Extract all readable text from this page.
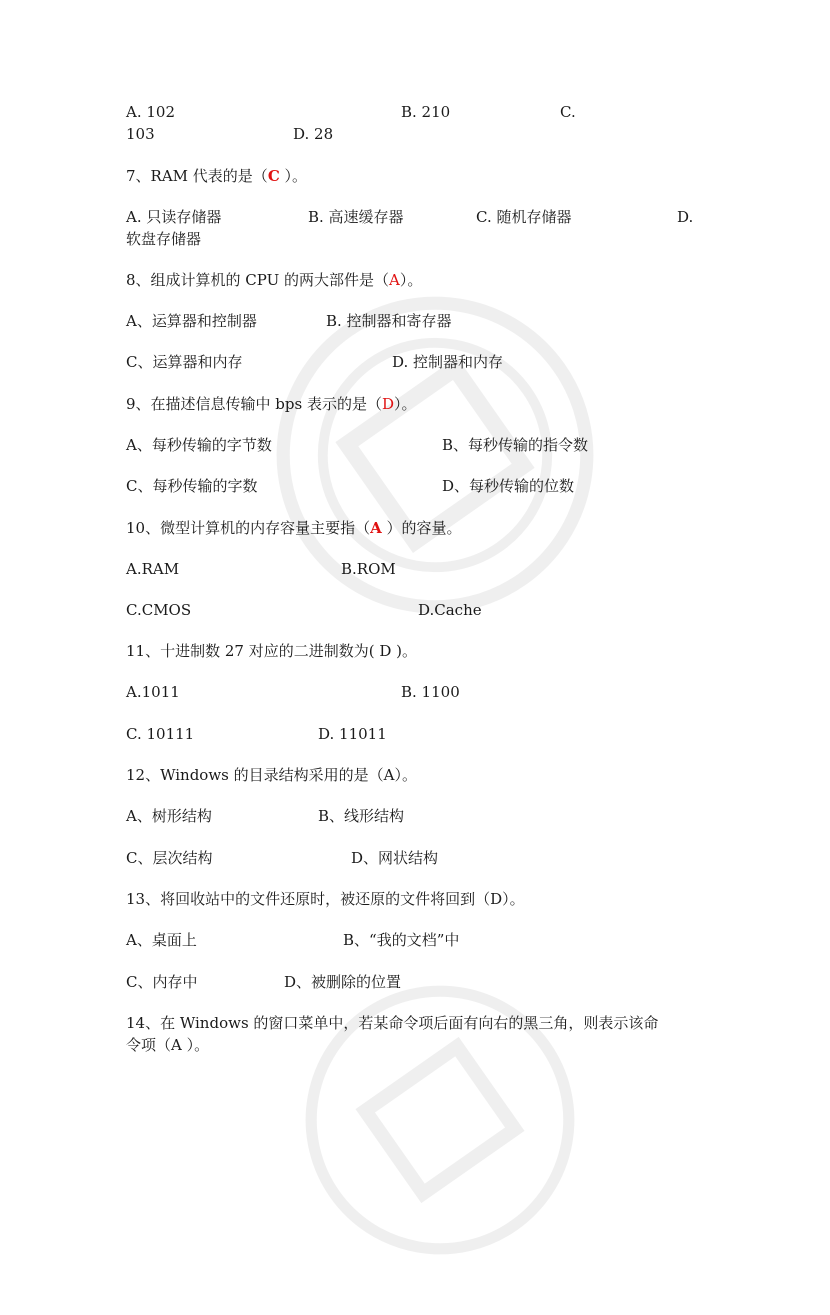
A. 102	B. 210	C.
103	D. 28
7、RAM 代表的是（C ）。
A. 只读存储器	B. 高速缓存器	C. 随机存储器	D.
软盘存储器
8、组成计算机的 CPU 的两大部件是（A）。
A、运算器和控制器	B. 控制器和寄存器
C、运算器和内存	D. 控制器和内存
9、在描述信息传输中 bps 表示的是（D）。
A、每秒传输的字节数	B、每秒传输的指令数
C、每秒传输的字数	D、每秒传输的位数
10、微型计算机的内存容量主要指（A ）的容量。
A.RAM	B.ROM
C.CMOS	D.Cache
11、十进制数 27 对应的二进制数为( D )。
A.1011	B. 1100
C. 10111	D. 11011
12、Windows 的目录结构采用的是（A）。
A、树形结构	B、线形结构
C、层次结构	D、网状结构
13、将回收站中的文件还原时，被还原的文件将回到（D）。
A、桌面上	B、“我的文档”中
C、内存中	D、被删除的位置
14、在 Windows 的窗口菜单中，若某命令项后面有向右的黑三角，则表示该命
令项（A ）。
